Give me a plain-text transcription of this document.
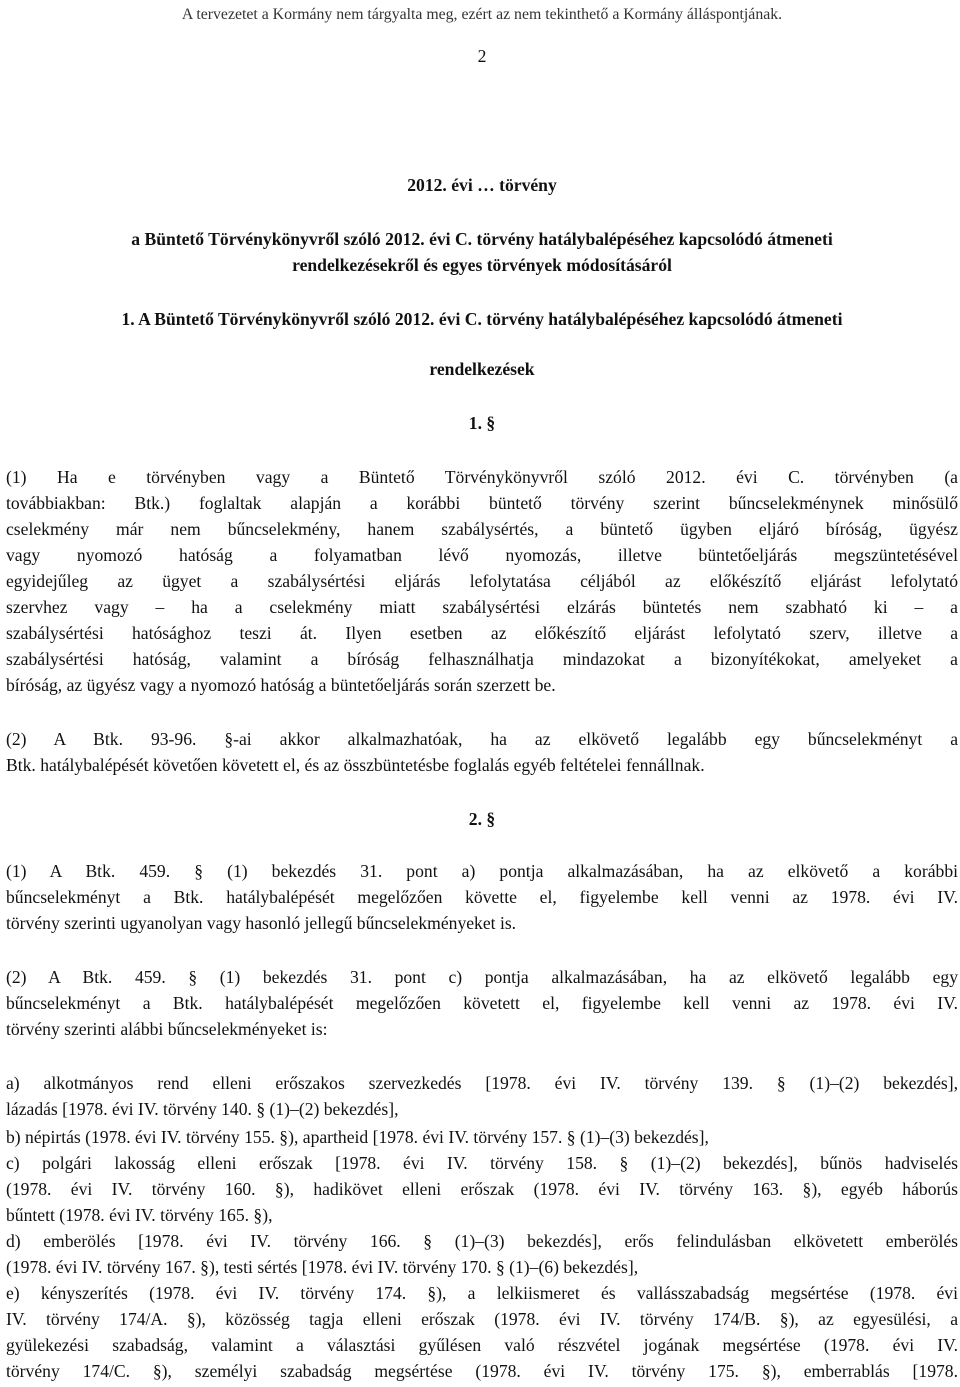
A tervezetet a Kormány nem tárgyalta meg, ezért az nem tekinthető a Kormány álláspontjának.
2
2012. évi … törvény
a Büntető Törvénykönyvről szóló 2012. évi C. törvény hatálybalépéséhez kapcsolódó átmeneti
rendelkezésekről és egyes törvények módosításáról
1. A Büntető Törvénykönyvről szóló 2012. évi C. törvény hatálybalépéséhez kapcsolódó átmeneti
rendelkezések
1. §
(1) Ha e törvényben vagy a Büntető Törvénykönyvről szóló 2012. évi C. törvényben (a
továbbiakban: Btk.) foglaltak alapján a korábbi büntető törvény szerint bűncselekménynek minősülő
cselekmény már nem bűncselekmény, hanem szabálysértés, a büntető ügyben eljáró bíróság, ügyész
vagy nyomozó hatóság a folyamatban lévő nyomozás, illetve büntetőeljárás megszüntetésével
egyidejűleg az ügyet a szabálysértési eljárás lefolytatása céljából az előkészítő eljárást lefolytató
szervhez vagy – ha a cselekmény miatt szabálysértési elzárás büntetés nem szabható ki – a
szabálysértési hatósághoz teszi át. Ilyen esetben az előkészítő eljárást lefolytató szerv, illetve a
szabálysértési hatóság, valamint a bíróság felhasználhatja mindazokat a bizonyítékokat, amelyeket a
bíróság, az ügyész vagy a nyomozó hatóság a büntetőeljárás során szerzett be.
(2) A Btk. 93-96. §-ai akkor alkalmazhatóak, ha az elkövető legalább egy bűncselekményt a
Btk. hatálybalépését követően követett el, és az összbüntetésbe foglalás egyéb feltételei fennállnak.
2. §
(1) A Btk. 459. § (1) bekezdés 31. pont a) pontja alkalmazásában, ha az elkövető a korábbi
bűncselekményt a Btk. hatálybalépését megelőzően követte el, figyelembe kell venni az 1978. évi IV.
törvény szerinti ugyanolyan vagy hasonló jellegű bűncselekményeket is.
(2) A Btk. 459. § (1) bekezdés 31. pont c) pontja alkalmazásában, ha az elkövető legalább egy
bűncselekményt a Btk. hatálybalépését megelőzően követett el, figyelembe kell venni az 1978. évi IV.
törvény szerinti alábbi bűncselekményeket is:
a) alkotmányos rend elleni erőszakos szervezkedés [1978. évi IV. törvény 139. § (1)–(2) bekezdés],
lázadás [1978. évi IV. törvény 140. § (1)–(2) bekezdés],
b) népirtás (1978. évi IV. törvény 155. §), apartheid [1978. évi IV. törvény 157. § (1)–(3) bekezdés],
c) polgári lakosság elleni erőszak [1978. évi IV. törvény 158. § (1)–(2) bekezdés], bűnös hadviselés
(1978. évi IV. törvény 160. §), hadikövet elleni erőszak (1978. évi IV. törvény 163. §), egyéb háborús
bűntett (1978. évi IV. törvény 165. §),
d) emberölés [1978. évi IV. törvény 166. § (1)–(3) bekezdés], erős felindulásban elkövetett emberölés
(1978. évi IV. törvény 167. §), testi sértés [1978. évi IV. törvény 170. § (1)–(6) bekezdés],
e) kényszerítés (1978. évi IV. törvény 174. §), a lelkiismeret és vallásszabadság megsértése (1978. évi
IV. törvény 174/A. §), közösség tagja elleni erőszak (1978. évi IV. törvény 174/B. §), az egyesülési, a
gyülekezési szabadság, valamint a választási gyűlésen való részvétel jogának megsértése (1978. évi IV.
törvény 174/C. §), személyi szabadság megsértése (1978. évi IV. törvény 175. §), emberrablás [1978.
